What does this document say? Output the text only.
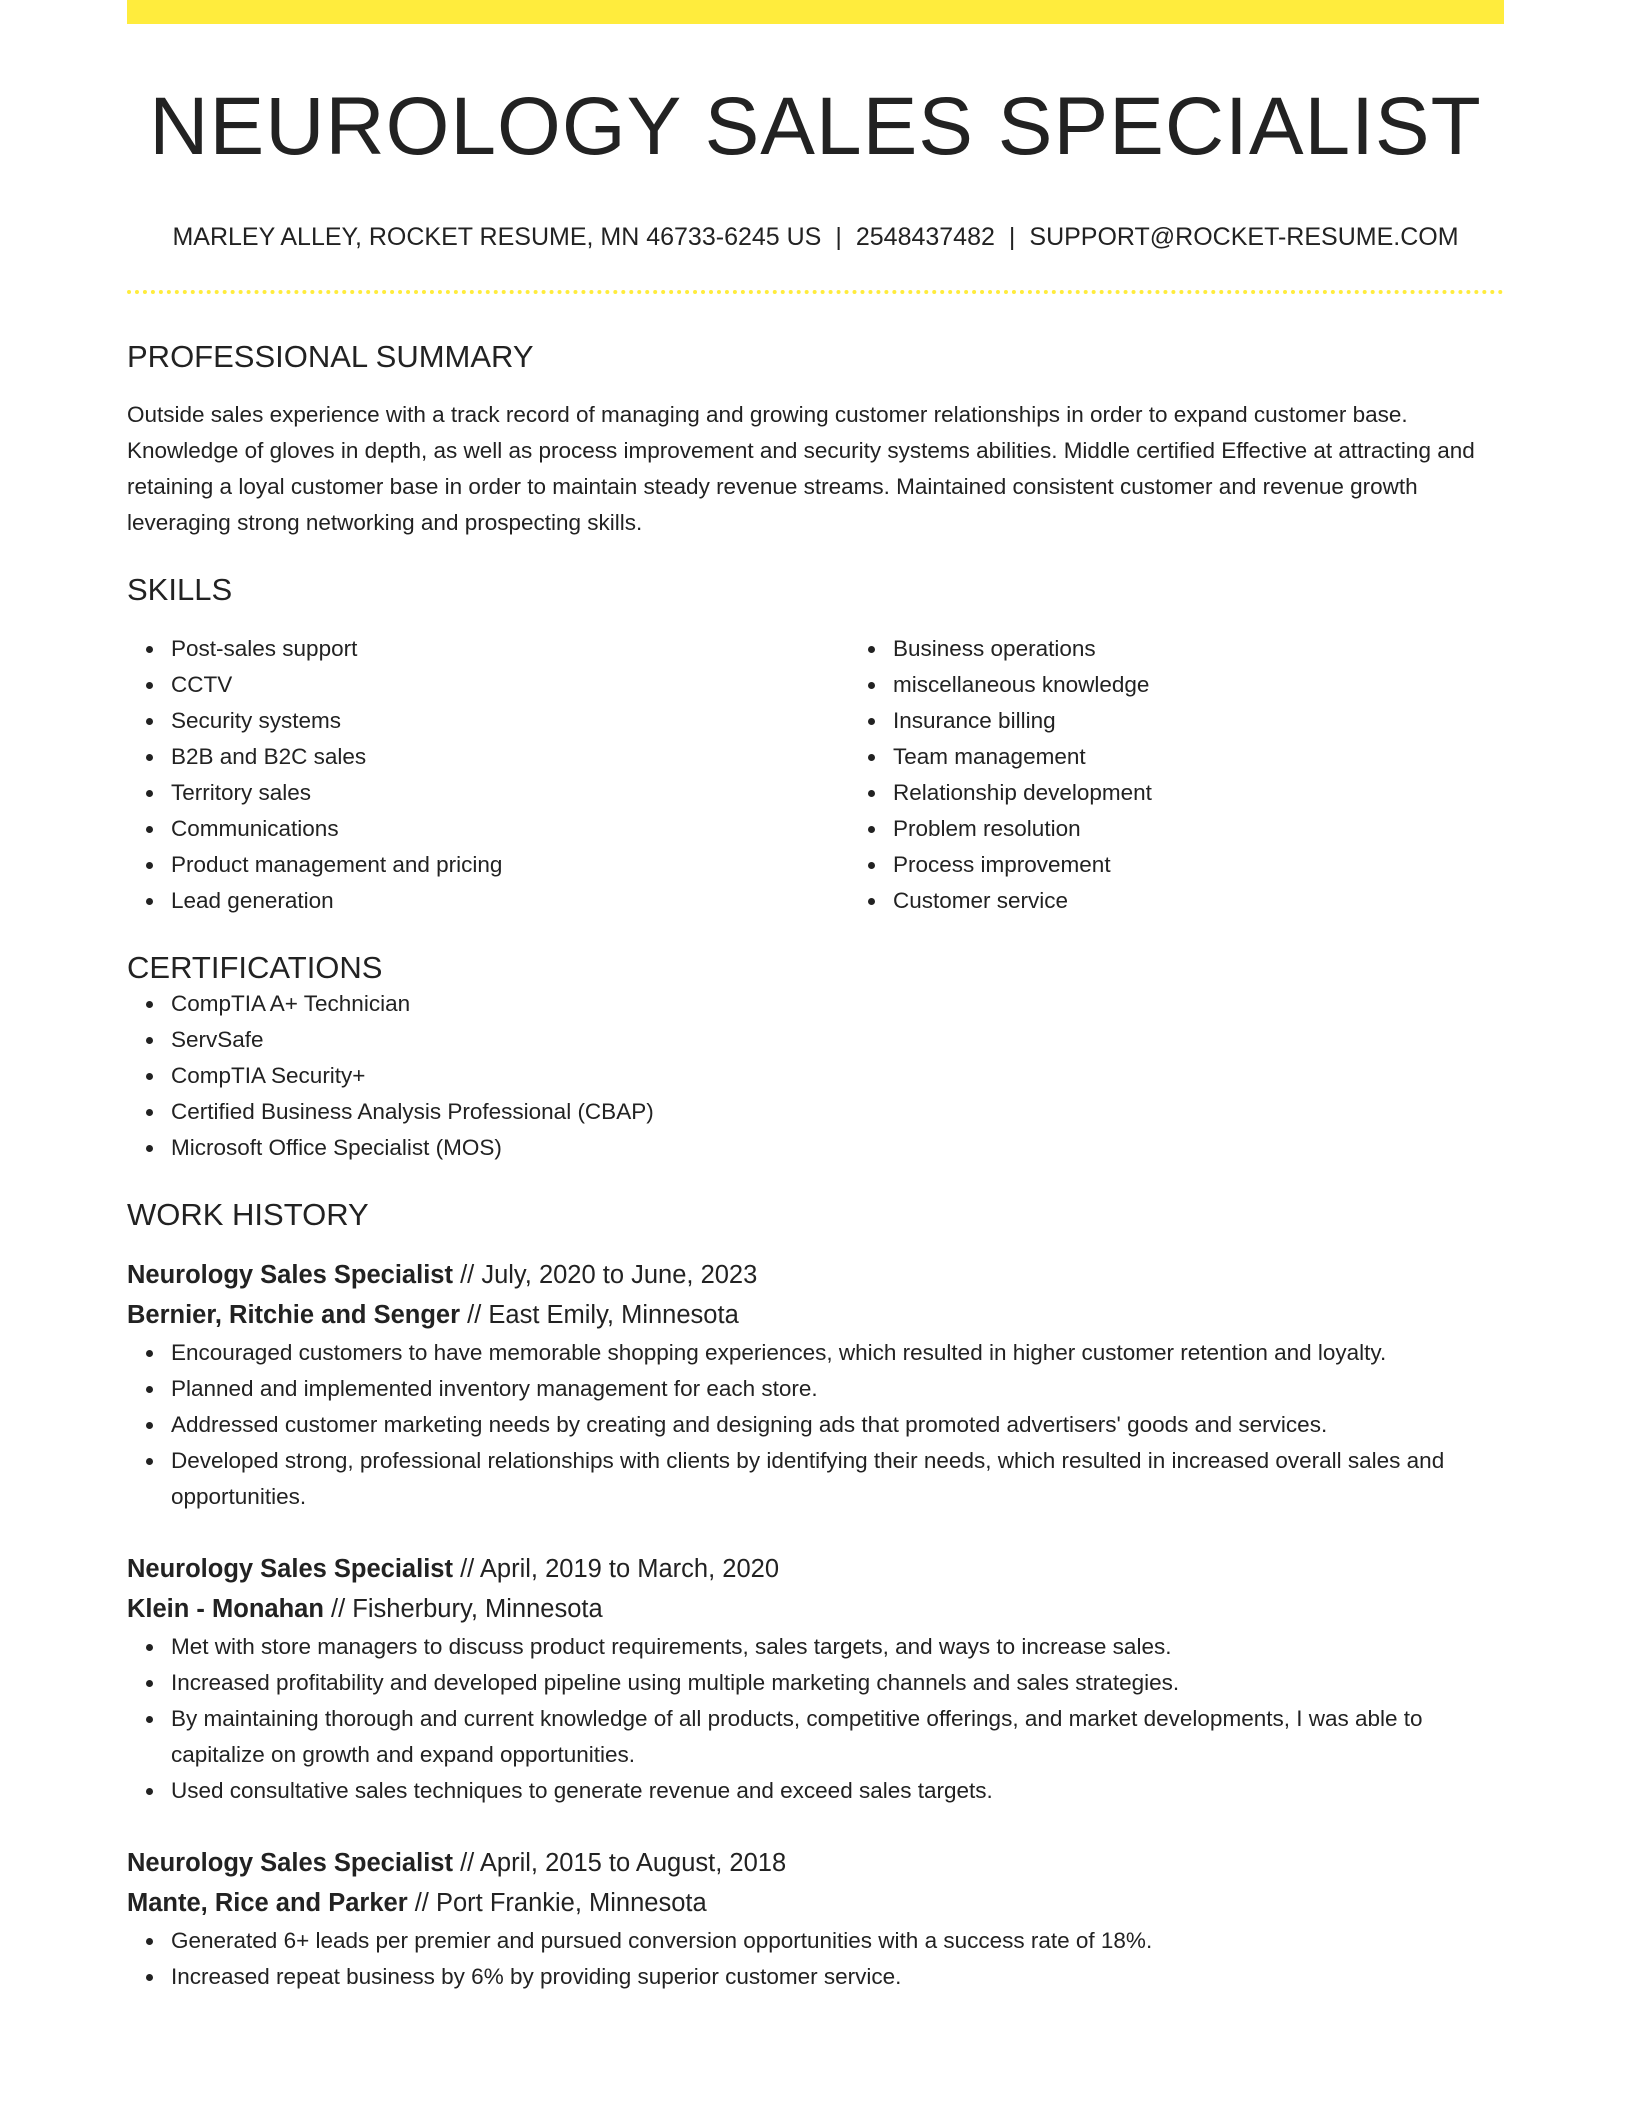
NEUROLOGY SALES SPECIALIST
MARLEY ALLEY, ROCKET RESUME, MN 46733-6245 US | 2548437482 | SUPPORT@ROCKET-RESUME.COM
PROFESSIONAL SUMMARY

Outside sales experience with a track record of managing and growing customer relationships in order to expand customer base. Knowledge of gloves in depth, as well as process improvement and security systems abilities. Middle certified Effective at attracting and retaining a loyal customer base in order to maintain steady revenue streams. Maintained consistent customer and revenue growth leveraging strong networking and prospecting skills.

SKILLS
Post-sales support
CCTV
Security systems
B2B and B2C sales
Territory sales
Communications
Product management and pricing
Lead generation
Business operations
miscellaneous knowledge
Insurance billing
Team management
Relationship development
Problem resolution
Process improvement
Customer service
CERTIFICATIONS
CompTIA A+ Technician
ServSafe
CompTIA Security+
Certified Business Analysis Professional (CBAP)
Microsoft Office Specialist (MOS)
WORK HISTORY
Neurology Sales Specialist // July, 2020 to June, 2023
Bernier, Ritchie and Senger // East Emily, Minnesota
Encouraged customers to have memorable shopping experiences, which resulted in higher customer retention and loyalty.
Planned and implemented inventory management for each store.
Addressed customer marketing needs by creating and designing ads that promoted advertisers' goods and services.
Developed strong, professional relationships with clients by identifying their needs, which resulted in increased overall sales and opportunities.
Neurology Sales Specialist // April, 2019 to March, 2020
Klein - Monahan // Fisherbury, Minnesota
Met with store managers to discuss product requirements, sales targets, and ways to increase sales.
Increased profitability and developed pipeline using multiple marketing channels and sales strategies.
By maintaining thorough and current knowledge of all products, competitive offerings, and market developments, I was able to capitalize on growth and expand opportunities.
Used consultative sales techniques to generate revenue and exceed sales targets.
Neurology Sales Specialist // April, 2015 to August, 2018
Mante, Rice and Parker // Port Frankie, Minnesota
Generated 6+ leads per premier and pursued conversion opportunities with a success rate of 18%.
Increased repeat business by 6% by providing superior customer service.
